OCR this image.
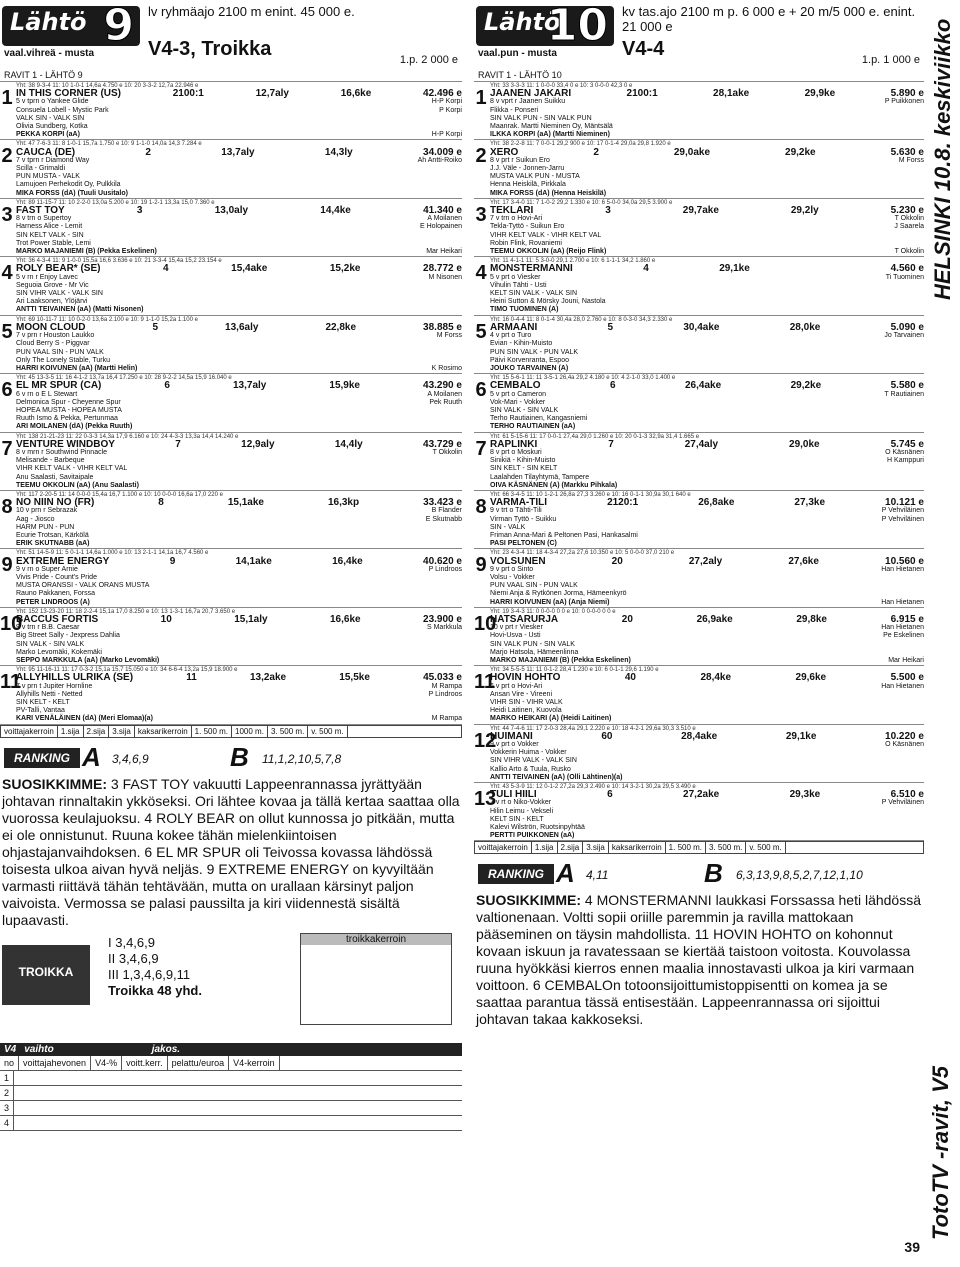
Lähtö 9
vaal.vihreä - musta
lv ryhmäajo 2100 m enint. 45 000 e.
V4-3, Troikka	1.p. 2 000 e
RAVIT 1 - LÄHTÖ 9
1
Yht: 38 9-3-4 11: 10 1-0-1 14,6a 4.750 e 10: 20 3-3-2 12,7a 22.946 e
IN THIS CORNER (US)	2100:1	12,7aly	16,6ke	42.496 e
5 v tprn o Yankee Glide	H-P Korpi
Consuela Lobell - Mystic Park	P Korpi
VALK SIN - VALK SIN
Olivia Sundberg, Kotka
PEKKA KORPI (aA)	H-P Korpi
2
Yht: 47 7-6-3 11: 8 1-0-1 15,7a 1.750 e 10: 9 1-1-0 14,0a 14,3 7.284 e
CAUCA (DE)	2	13,7aly	14,3ly	34.009 e
7 v tprn r Diamond Way	Ah Antti-Roiko
Scilla - Grimaldi
PUN MUSTA - VALK
Lamujoen Perhekodit Oy, Pulkkila
MIKA FORSS (dA) (Tuuli Uusitalo)
3
Yht: 89 11-15-7 11: 10 2-2-0 13,0a 5.200 e 10: 19 1-2-1 13,3a 15,0 7.360 e
FAST TOY	3	13,0aly	14,4ke	41.340 e
8 v trn o Supertoy	A Moilanen
Harness Alice - Lemit	E Holopainen
SIN KELT VALK - SIN
Trot Power Stable, Lemi
MARKO MAJANIEMI (B) (Pekka Eskelinen)	Mar Heikari
4
Yht: 36 4-3-4 11: 9 1-0-0 15,5a 16,6 3.636 e 10: 21 3-3-4 15,4a 15,2 23.154 e
ROLY BEAR* (SE)	4	15,4ake	15,2ke	28.772 e
5 v rn r Enjoy Lavec	M Nisonen
Seguoia Grove - Mr Vic
SIN VIHR VALK - VALK SIN
Ari Laaksonen, Ylöjärvi
ANTTI TEIVAINEN (aA) (Matti Nisonen)
5
Yht: 69 10-11-7 11: 10 0-2-0 13,6a 2.100 e 10: 9 1-1-0 15,2a 1.100 e
MOON CLOUD	5	13,6aly	22,8ke	38.885 e
7 v prn r Houston Laukko	M Forss
Cloud Berry S - Piggvar
PUN VAAL SIN - PUN VALK
Only The Lonely Stable, Turku
HARRI KOIVUNEN (aA) (Martti Helin)	K Rosimo
6
Yht: 45 13-3-5 11: 16 4-1-2 13,7a 16,4 17.250 e 10: 28 9-2-2 14,5a 15,9 16.040 e
EL MR SPUR (CA)	6	13,7aly	15,9ke	43.290 e
6 v rn o E L Stewart	A Moilanen
Delmonica Spur - Cheyenne Spur	Pek Ruuth
HOPEA MUSTA - HOPEA MUSTA
Ruuth Ismo & Pekka, Pertunmaa
ARI MOILANEN (dA) (Pekka Ruuth)
7
Yht: 138 21-21-23 11: 22 0-3-3 14,3a 17,9 6.160 e 10: 24 4-3-3 13,3a 14,4 14.240 e
VENTURE WINDBOY	7	12,9aly	14,4ly	43.729 e
8 v mrn r Southwind Pinnacle	T Okkolin
Melisande - Barbeque
VIHR KELT VALK - VIHR KELT VAL
Anu Saalasti, Savitaipale
TEEMU OKKOLIN (aA) (Anu Saalasti)
8
Yht: 117 2-20-5 11: 14 0-0-0 15,4a 16,7 1.100 e 10: 10 0-0-0 16,6a 17,0 220 e
NO NIIN NO (FR)	8	15,1ake	16,3kp	33.423 e
10 v prn r Sebrazak	B Flander
Aag - Jiosco	E Skutnabb
HARM PUN - PUN
Ecurie Trotsan, Kärkölä
ERIK SKUTNABB (aA)
9
Yht: 51 14-5-9 11: 5 0-1-1 14,6a 1.000 e 10: 13 2-1-1 14,1a 16,7 4.560 e
EXTREME ENERGY	9	14,1ake	16,4ke	40.620 e
9 v rn o Super Arnie	P Lindroos
Vivis Pride - Count's Pride
MUSTA ORANSSI - VALK ORANS MUSTA
Rauno Pakkanen, Forssa
PETER LINDROOS (A)
10
Yht: 152 13-23-20 11: 18 2-2-4 15,1a 17,0 8.250 e 10: 13 1-3-1 16,7a 20,7 3.650 e
BACCUS FORTIS	10	15,1aly	16,6ke	23.900 e
9 v trn r B.B. Caesar	S Markkula
Big Street Sally - Jexpress Dahlia
SIN VALK - SIN VALK
Marko Levomäki, Kokemäki
SEPPO MARKKULA (aA) (Marko Levomäki)
11
Yht: 95 11-16-11 11: 17 0-3-2 15,1a 15,7 15.050 e 10: 34 6-6-4 13,2a 15,9 18.900 e
ALLYHILLS ULRIKA (SE)	11	13,2ake	15,5ke	45.033 e
7 v prn t Jupiter Hornline	M Rampa
Allyhills Netti - Netted	P Lindroos
SIN KELT - KELT
PV-Talli, Vantaa
KARI VENÄLÄINEN (dA) (Meri Elomaa)(a)	M Rampa
voittajakerroin 1.sija 2.sija 3.sija kaksarikerroin 1. 500 m. 1000 m. 3. 500 m. v. 500 m.
RANKING A 3,4,6,9	B 11,1,2,10,5,7,8
SUOSIKKIMME: 3 FAST TOY vakuutti Lappeenrannassa jyrättyään johtavan rinnaltakin ykköseksi. Ori lähtee kovaa ja tällä kertaa saattaa olla vuorossa keulajuoksu. 4 ROLY BEAR on ollut kunnossa jo pitkään, mutta ei ole onnistunut. Ruuna kokee tähän mielenkiintoisen ohjastajanvaihdoksen. 6 EL MR SPUR oli Teivossa kovassa lähdössä toisesta ulkoa aivan hyvä neljäs. 9 EXTREME ENERGY on kyvyiltään varmasti riittävä tähän tehtävään, mutta on urallaan kärsinyt paljon vaivoista. Vermossa se palasi paussilta ja kiri viidennestä sisältä lupaavasti.
TROIKKA
I 3,4,6,9
II 3,4,6,9
III 1,3,4,6,9,11
Troikka 48 yhd.
troikkakerroin
V4 vaihto	jakos.
no	voittajahevonen	V4-%	voitt.kerr.	pelattu/euroa	V4-kerroin
1
2
3
4
Lähtö
10
vaal.pun - musta
kv tas.ajo 2100 m p. 6 000 e + 20 m/5 000 e. enint. 21 000 e
V4-4	1.p. 1 000 e
RAVIT 1 - LÄHTÖ 10
1
Yht: 33 3-3-3 11: 1 0-0-0 33,4 0 e 10: 3 0-0-0 42,3 0 e
JAANEN JAKARI	2100:1	28,1ake	29,9ke	5.890 e
8 v vprt r Jaanen Suikku	P Puikkonen
Flikka - Ponseri
SIN VALK PUN - SIN VALK PUN
Maanrak. Martti Nieminen Oy, Mäntsälä
ILKKA KORPI (aA) (Martti Nieminen)
2
Yht: 38 2-2-8 11: 7 0-0-1 29,2 900 e 10: 17 0-1-4 29,0a 29,8 1.920 e
XERO	2	29,0ake	29,2ke	5.630 e
8 v prt r Suikun Ero	M Forss
J.J. Väle - Jonnen-Jarru
MUSTA VALK PUN - MUSTA
Henna Heiskilä, Pirkkala
MIKA FORSS (dA) (Henna Heiskilä)
3
Yht: 17 3-4-0 11: 7 1-0-2 29,2 1.330 e 10: 6 5-0-0 34,0a 29,5 3.900 e
TEKLARI	3	29,7ake	29,2ly	5.230 e
7 v trn o Hovi-Ari	T Okkolin
Tekla-Tyttö - Suikun Ero	J Saarela
VIHR KELT VALK - VIHR KELT VAL
Robin Flink, Rovaniemi
TEEMU OKKOLIN (aA) (Reijo Flink)	T Okkolin
4
Yht: 11 4-1-1 11: 5 3-0-0 29,1 2.700 e 10: 6 1-1-1 34,2 1.860 e
MONSTERMANNI	4	29,1ke	4.560 e
5 v prt o Viesker	Ti Tuominen
Vihulin Tähti - Usti
KELT SIN VALK - VALK SIN
Heini Sutton & Mörsky Jouni, Nastola
TIMO TUOMINEN (A)
5
Yht: 16 0-4-4 11: 8 0-1-4 30,4a 28,0 2.760 e 10: 8 0-3-0 34,3 2.330 e
ARMAANI	5	30,4ake	28,0ke	5.090 e
4 v prt o Turo	Jo Tarvainen
Evian - Kihin-Muisto
PUN SIN VALK - PUN VALK
Päivi Korvenranta, Espoo
JOUKO TARVAINEN (A)
6
Yht: 15 5-6-1 11: 11 3-5-1 26,4a 29,2 4.180 e 10: 4 2-1-0 33,0 1.400 e
CEMBALO	6	26,4ake	29,2ke	5.580 e
5 v prt o Cameron	T Rautiainen
Vok-Mari - Vokker
SIN VALK - SIN VALK
Terho Rautiainen, Kangasniemi
TERHO RAUTIAINEN (aA)
7
Yht: 61 5-15-6 11: 17 0-0-1 27,4a 29,0 1.260 e 10: 20 0-1-3 32,9a 31,4 1.665 e
RAPLINKI	7	27,4aly	29,0ke	5.745 e
8 v prt o Moskuri	O Käsnänen
Sinikiä - Kihin-Muisto	H Kamppuri
SIN KELT - SIN KELT
Laalahden Tilayhtymä, Tampere
OIVA KÄSNÄNEN (A) (Markku Pihkala)
8
Yht: 66 3-4-5 11: 10 1-2-1 26,8a 27,3 3.260 e 10: 16 0-1-1 30,9a 30,1 640 e
VARMA-TILI	2120:1	26,8ake	27,3ke	10.121 e
9 v trt o Tähti-Tili	P Vehviläinen
Virman Tyttö - Suikku	P Vehviläinen
SIN - VALK
Friman Anna-Mari & Peltonen Pasi, Hankasalmi
PASI PELTONEN (C)
9
Yht: 23 4-3-4 11: 18 4-3-4 27,2a 27,6 10.350 e 10: 5 0-0-0 37,0 210 e
VOLSUNEN	20	27,2aly	27,6ke	10.560 e
9 v prt o Sinto	Han Hietanen
Volsu - Vokker
PUN VAAL SIN - PUN VALK
Niemi Anja & Rytkönen Jorma, Hämeenkyrö
HARRI KOIVUNEN (aA) (Anja Niemi)	Han Hietanen
10
Yht: 19 3-4-3 11: 0 0-0-0 0 0 e 10: 0 0-0-0 0 0 e
HATSARURJA	20	26,9ake	29,8ke	6.915 e
10 v prt r Viesker	Han Hietanen
Hovi-Usva - Usti	Pe Eskelinen
SIN VALK PUN - SIN VALK
Marjo Hatsola, Hämeenlinna
MARKO MAJANIEMI (B) (Pekka Eskelinen)	Mar Heikari
11
Yht: 34 5-5-5 11: 11 0-1-2 28,4 1.230 e 10: 6 0-1-1 29,6 1.190 e
HOVIN HOHTO	40	28,4ke	29,6ke	5.500 e
6 v prt o Hovi-Ari	Han Hietanen
Ansan Vire - Vireeni
VIHR SIN - VIHR VALK
Heidi Laitinen, Kuovola
MARKO HEIKARI (A) (Heidi Laitinen)
12
Yht: 44 7-4-6 11: 17 2-0-3 28,4a 29,1 2.220 e 10: 18 4-2-1 29,6a 30,3 3.510 e
HUIMANI	60	28,4ake	29,1ke	10.220 e
9 v prt o Vokker	O Käsnänen
Vokkerin Huima - Vokker
SIN VIHR VALK - VALK SIN
Kallio Arto & Tuula, Rusko
ANTTI TEIVAINEN (aA) (Olli Lähtinen)(a)
13
Yht: 43 5-3-9 11: 12 0-1-2 27,2a 29,3 2.490 e 10: 14 3-2-1 30,2a 29,5 3.490 e
TULI HIILI	6	27,2ake	29,3ke	6.510 e
7 v rt o Niko-Vokker	P Vehviläinen
Hilin Leimu - Vekseli
KELT SIN - KELT
Kalevi Wilströn, Ruotsinpyhtää
PERTTI PUIKKONEN (aA)
voittajakerroin 1.sija 2.sija 3.sija kaksarikerroin 1. 500 m. 3. 500 m. v. 500 m.
RANKING A 4,11	B 6,3,13,9,8,5,2,7,12,1,10
SUOSIKKIMME: 4 MONSTERMANNI laukkasi Forssassa heti lähdössä valtionenaan. Voltti sopii oriille paremmin ja ravilla mattokaan pääseminen on täysin mahdollista. 11 HOVIN HOHTO on kohonnut kovaan iskuun ja ravatessaan se kiertää taistoon voitosta. Kouvolassa ruuna hyökkäsi kierros ennen maalia innostavasti ulkoa ja kiri varmaan voittoon. 6 CEMBALOn totoonsijoittumistoppisentti on komea ja se saattaa parantua tässä entisestään. Lappeenrannassa ori sijoittui johtavan takaa kakkoseksi.
HELSINKI 10.8. keskiviikko
TotoTV -ravit, V5
39
